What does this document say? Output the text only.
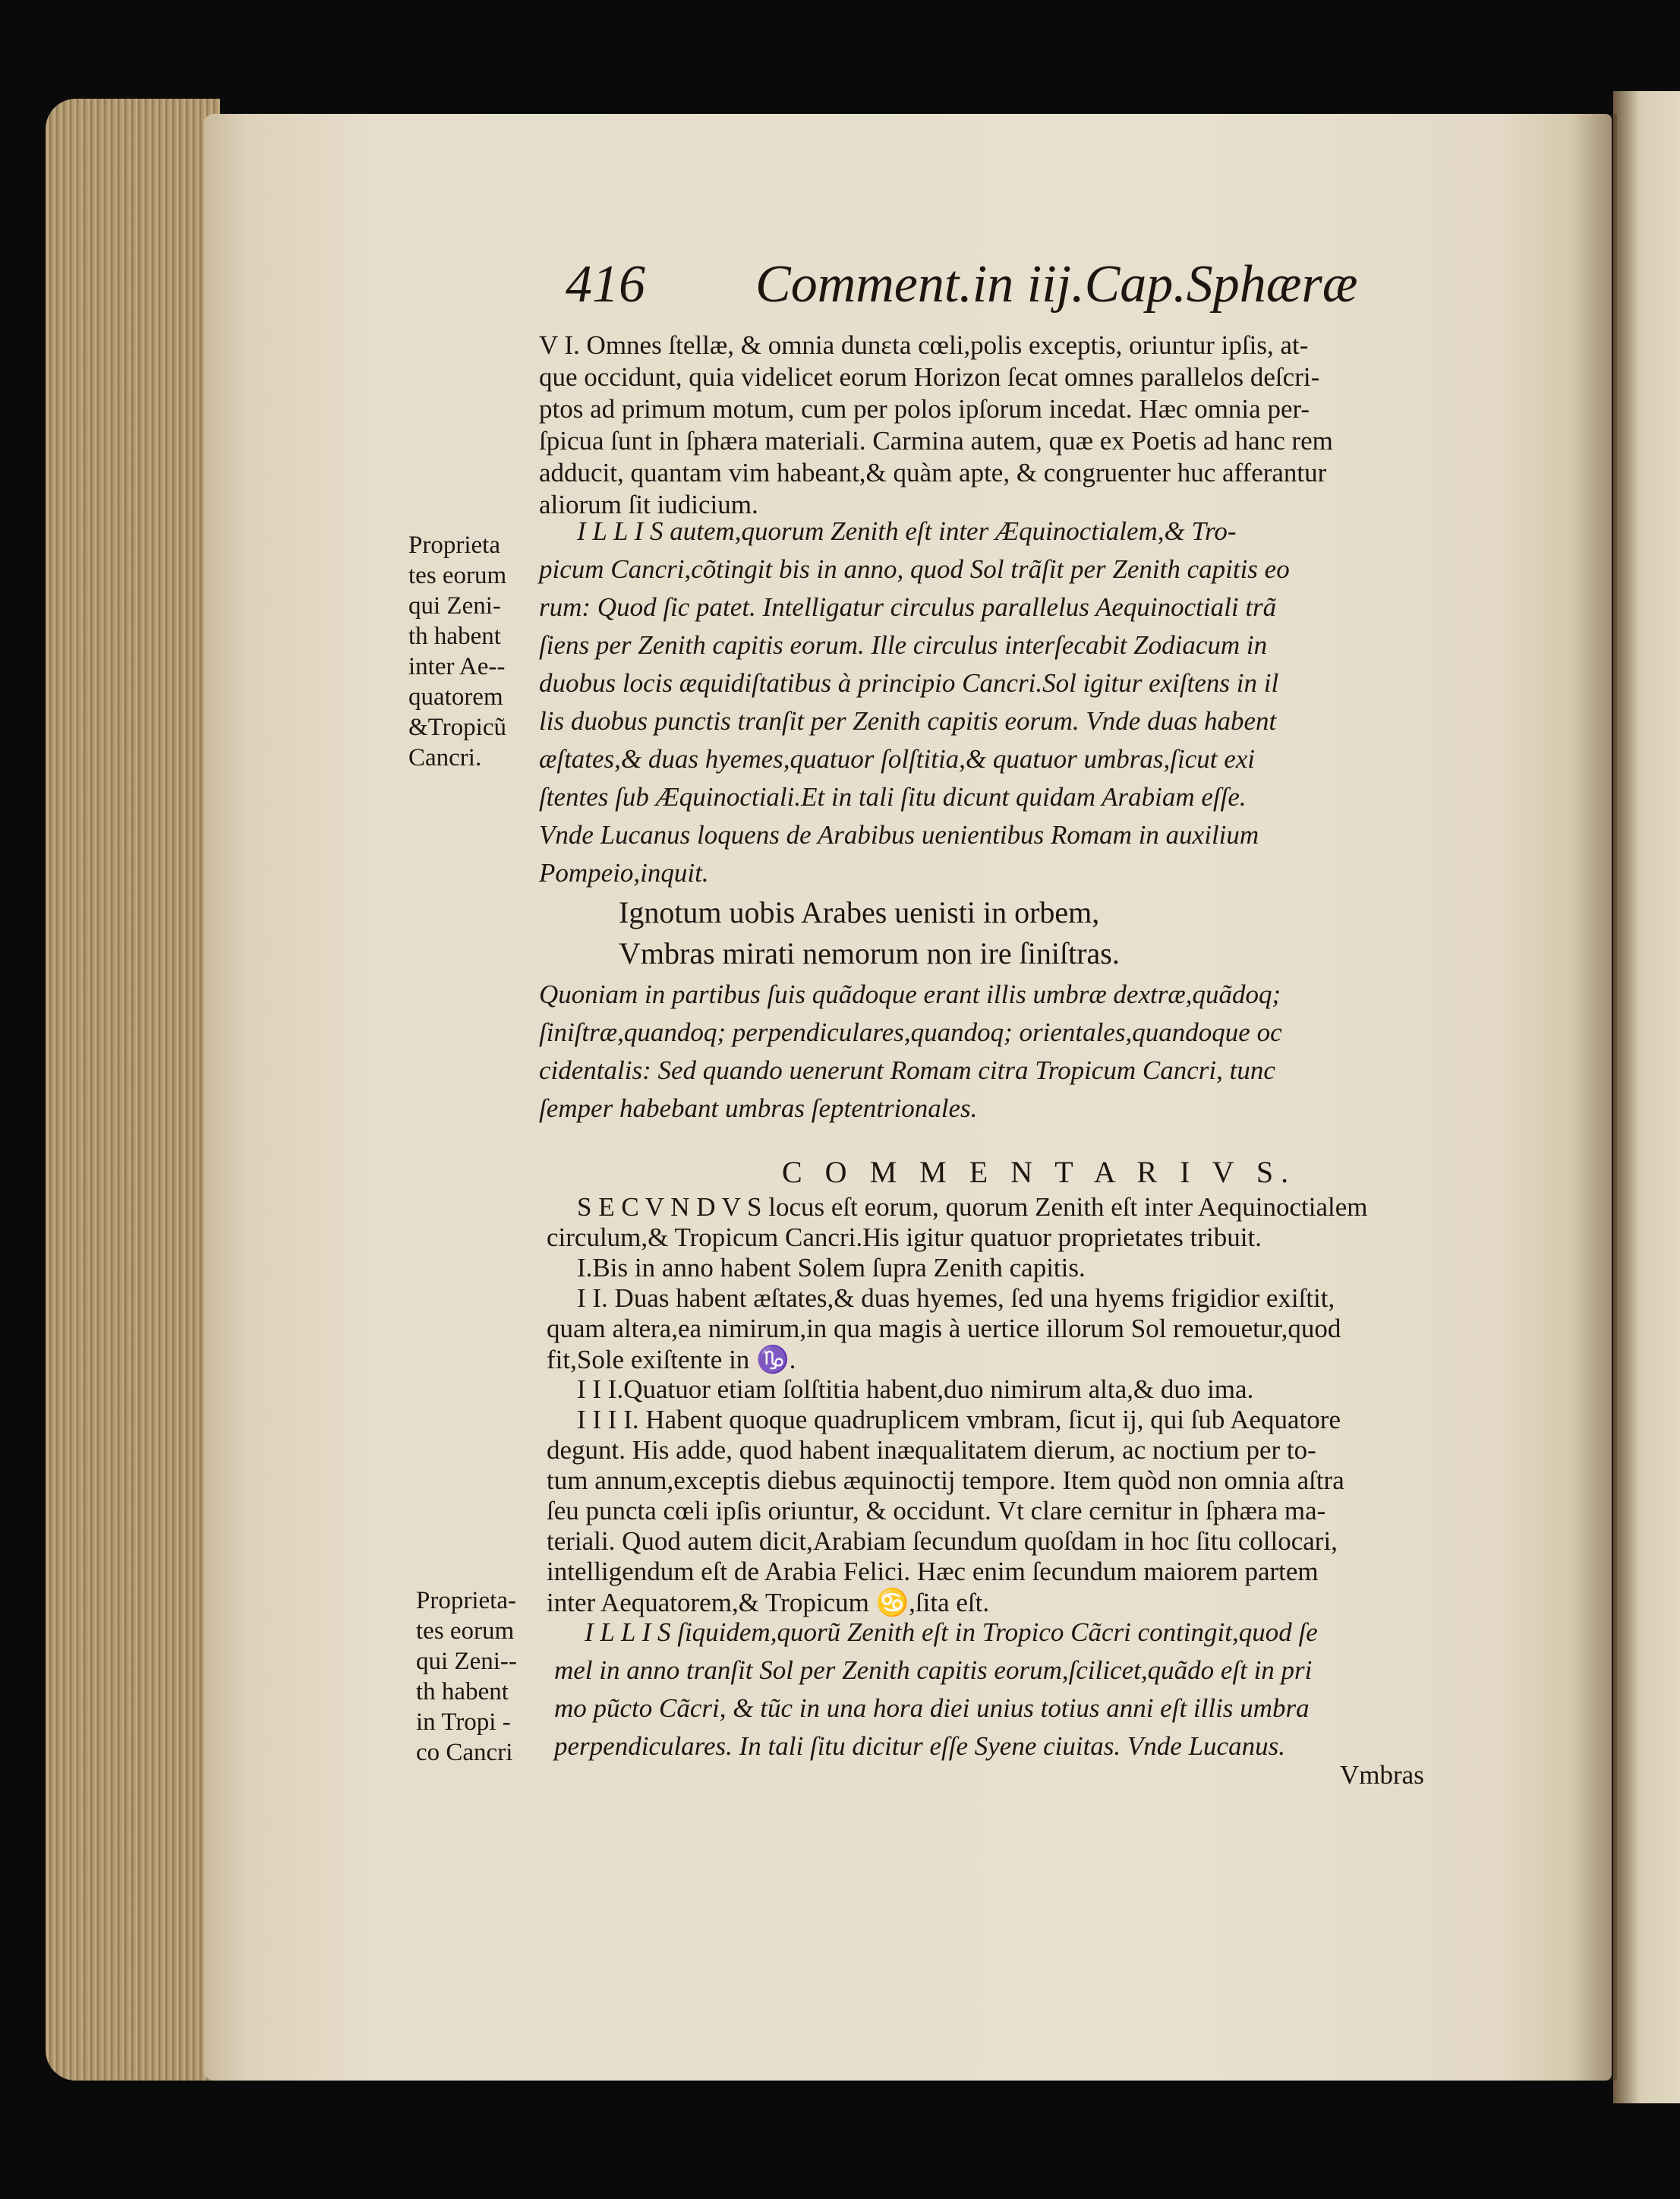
416 Comment.in iij.Cap.Sphæræ
Proprieta
tes eorum
qui Zeni-
th habent
inter Ae--
quatorem
&Tropicũ
Cancri.
Proprieta-
tes eorum
qui Zeni--
th habent
in Tropi -
co Cancri
V I. Omnes ſtellæ, & omnia dunɛta cœli,polis exceptis, oriuntur ipſis, at-
que occidunt, quia videlicet eorum Horizon ſecat omnes parallelos deſcri-
ptos ad primum motum, cum per polos ipſorum incedat. Hæc omnia per-
ſpicua ſunt in ſphæra materiali. Carmina autem, quæ ex Poetis ad hanc rem
adducit, quantam vim habeant,& quàm apte, & congruenter huc afferantur
aliorum ſit iudicium.
I L L I S autem,quorum Zenith eſt inter Æquinoctialem,& Tro-
picum Cancri,cõtingit bis in anno, quod Sol trãſit per Zenith capitis eo
rum: Quod ſic patet. Intelligatur circulus parallelus Aequinoctiali trã
ſiens per Zenith capitis eorum. Ille circulus interſecabit Zodiacum in
duobus locis æquidiſtatibus à principio Cancri.Sol igitur exiſtens in il
lis duobus punctis tranſit per Zenith capitis eorum. Vnde duas habent
æſtates,& duas hyemes,quatuor ſolſtitia,& quatuor umbras,ſicut exi
ſtentes ſub Æquinoctiali.Et in tali ſitu dicunt quidam Arabiam eſſe.
Vnde Lucanus loquens de Arabibus uenientibus Romam in auxilium
Pompeio,inquit.
Ignotum uobis Arabes uenisti in orbem,
Vmbras mirati nemorum non ire ſiniſtras.
Quoniam in partibus ſuis quãdoque erant illis umbræ dextræ,quãdoq;
ſiniſtræ,quandoq; perpendiculares,quandoq; orientales,quandoque oc
cidentalis: Sed quando uenerunt Romam citra Tropicum Cancri, tunc
ſemper habebant umbras ſeptentrionales.
C O M M E N T A R I V S.
S E C V N D V S locus eſt eorum, quorum Zenith eſt inter Aequinoctialem
circulum,& Tropicum Cancri.His igitur quatuor proprietates tribuit.
I.Bis in anno habent Solem ſupra Zenith capitis.
I I. Duas habent æſtates,& duas hyemes, ſed una hyems frigidior exiſtit,
quam altera,ea nimirum,in qua magis à uertice illorum Sol remouetur,quod
fit,Sole exiſtente in ♑.
I I I.Quatuor etiam ſolſtitia habent,duo nimirum alta,& duo ima.
I I I I. Habent quoque quadruplicem vmbram, ſicut ij, qui ſub Aequatore
degunt. His adde, quod habent inæqualitatem dierum, ac noctium per to-
tum annum,exceptis diebus æquinoctij tempore. Item quòd non omnia aſtra
ſeu puncta cœli ipſis oriuntur, & occidunt. Vt clare cernitur in ſphæra ma-
teriali. Quod autem dicit,Arabiam ſecundum quoſdam in hoc ſitu collocari,
intelligendum eſt de Arabia Felici. Hæc enim ſecundum maiorem partem
inter Aequatorem,& Tropicum ♋,ſita eſt.
I L L I S ſiquidem,quorũ Zenith eſt in Tropico Cãcri contingit,quod ſe
mel in anno tranſit Sol per Zenith capitis eorum,ſcilicet,quãdo eſt in pri
mo pũcto Cãcri, & tũc in una hora diei unius totius anni eſt illis umbra
perpendiculares. In tali ſitu dicitur eſſe Syene ciuitas. Vnde Lucanus.
Vmbras
